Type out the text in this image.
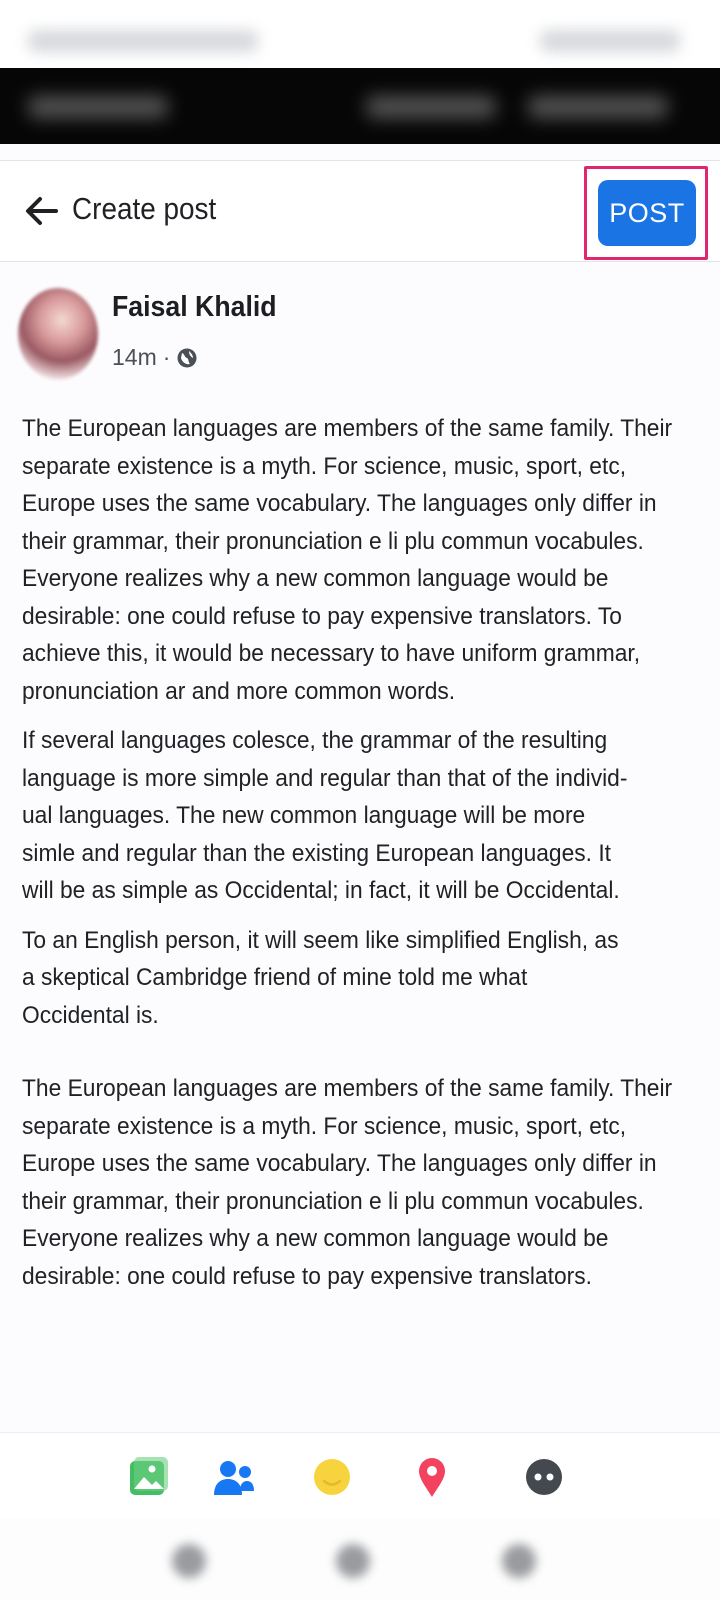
Create post	POST
Faisal Khalid
14m ·
The European languages are members of the same family. Their separate existence is a myth. For science, music, sport, etc, Europe uses the same vocabulary. The languages only differ in their grammar, their pronunciation e li plu commun vocabules. Everyone realizes why a new common language would be desirable: one could refuse to pay expensive translators. To achieve this, it would be necessary to have uniform grammar, pronunciation ar and more common words.
If several languages colesce, the grammar of the resulting language is more simple and regular than that of the individ-ual languages. The new common language will be more simle and regular than the existing European languages. It will be as simple as Occidental; in fact, it will be Occidental.
To an English person, it will seem like simplified English, as a skeptical Cambridge friend of mine told me what Occidental is.
The European languages are members of the same family. Their separate existence is a myth. For science, music, sport, etc, Europe uses the same vocabulary. The languages only differ in their grammar, their pronunciation e li plu commun vocabules. Everyone realizes why a new common language would be desirable: one could refuse to pay expensive translators.
